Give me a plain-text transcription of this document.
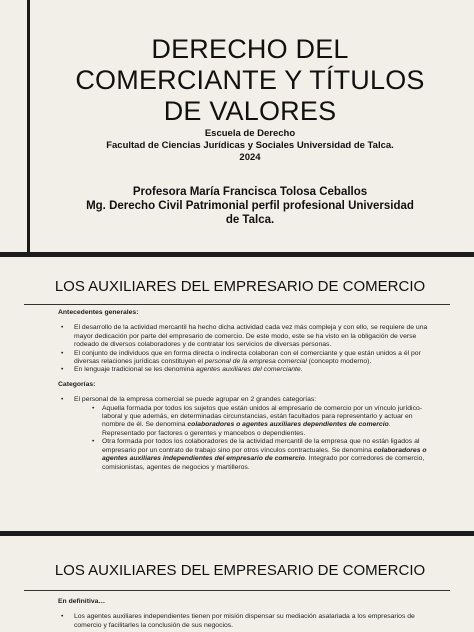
DERECHO DEL
COMERCIANTE Y TÍTULOS
DE VALORES
Escuela de Derecho
Facultad de Ciencias Jurídicas y Sociales Universidad de Talca.
2024
Profesora María Francisca Tolosa Ceballos
Mg. Derecho Civil Patrimonial perfil profesional Universidad
de Talca.
LOS AUXILIARES DEL EMPRESARIO DE COMERCIO
Antecedentes generales:
• El desarrollo de la actividad mercantil ha hecho dicha actividad cada vez más compleja y con ello, se requiere de una mayor dedicación por parte del empresario de comercio. De este modo, este se ha visto en la obligación de verse rodeado de diversos colaboradores y de contratar los servicios de diversas personas.
• El conjunto de individuos que en forma directa o indirecta colaboran con el comerciante y que están unidos a él por diversas relaciones jurídicas constituyen el personal de la empresa comercial (concepto moderno).
• En lenguaje tradicional se les denomina agentes auxiliares del comerciante.
Categorías:
• El personal de la empresa comercial se puede agrupar en 2 grandes categorías:
• Aquella formada por todos los sujetos que están unidos al empresario de comercio por un vínculo jurídico-laboral y que además, en determinadas circunstancias, están facultados para representarlo y actuar en nombre de él. Se denomina colaboradores o agentes auxiliares dependientes de comercio. Representado por factores o gerentes y mancebos o dependientes.
• Otra formada por todos los colaboradores de la actividad mercantil de la empresa que no están ligados al empresario por un contrato de trabajo sino por otros vínculos contractuales. Se denomina colaboradores o agentes auxiliares independientes del empresario de comercio. Integrado por corredores de comercio, comisionistas, agentes de negocios y martilleros.
LOS AUXILIARES DEL EMPRESARIO DE COMERCIO
En definitiva…
• Los agentes auxiliares independientes tienen por misión dispensar su mediación asalariada a los empresarios de comercio y facilitarles la conclusión de sus negocios.
